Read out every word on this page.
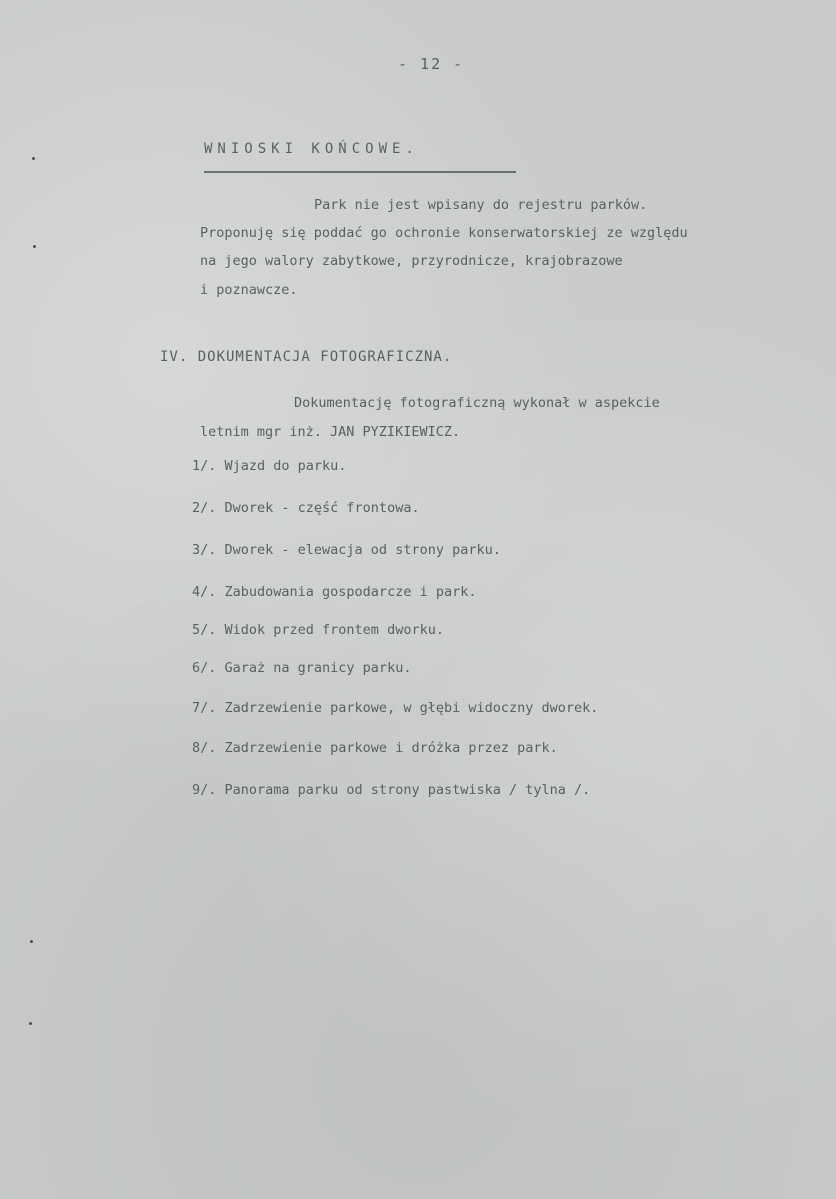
- 12 -
WNIOSKI KOŃCOWE.
Park nie jest wpisany do rejestru parków.
Proponuję się poddać go ochronie konserwatorskiej ze względu
na jego walory zabytkowe, przyrodnicze, krajobrazowe
i poznawcze.
IV. DOKUMENTACJA FOTOGRAFICZNA.
Dokumentację fotograficzną wykonał w aspekcie
letnim mgr inż. JAN PYZIKIEWICZ.
1/. Wjazd do parku.
2/. Dworek - część frontowa.
3/. Dworek - elewacja od strony parku.
4/. Zabudowania gospodarcze i park.
5/. Widok przed frontem dworku.
6/. Garaż na granicy parku.
7/. Zadrzewienie parkowe, w głębi widoczny dworek.
8/. Zadrzewienie parkowe i dróżka przez park.
9/. Panorama parku od strony pastwiska / tylna /.
